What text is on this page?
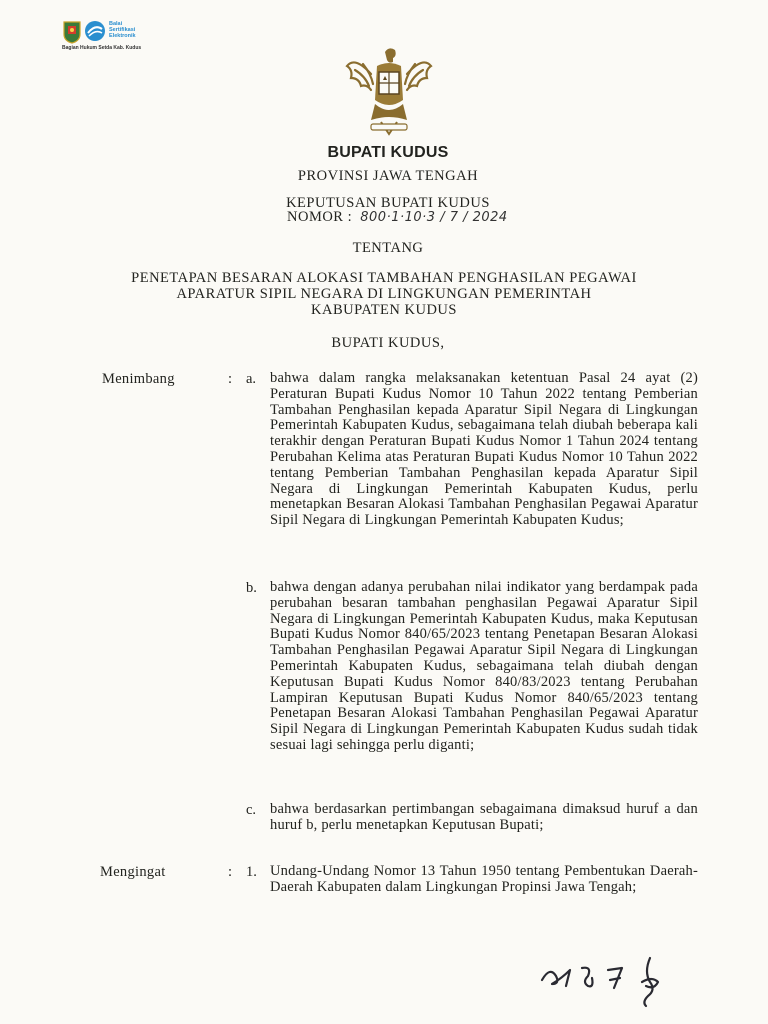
Balai Sertifikasi Elektronik
Bagian Hukum Setda Kab. Kudus
BUPATI KUDUS
PROVINSI JAWA TENGAH
KEPUTUSAN BUPATI KUDUS
NOMOR : 800·1·10·3 / 7 / 2024
TENTANG
PENETAPAN BESARAN ALOKASI TAMBAHAN PENGHASILAN PEGAWAI
APARATUR SIPIL NEGARA DI LINGKUNGAN PEMERINTAH
KABUPATEN KUDUS
BUPATI KUDUS,
Menimbang	: a. bahwa dalam rangka melaksanakan ketentuan Pasal 24 ayat (2) Peraturan Bupati Kudus Nomor 10 Tahun 2022 tentang Pemberian Tambahan Penghasilan kepada Aparatur Sipil Negara di Lingkungan Pemerintah Kabupaten Kudus, sebagaimana telah diubah beberapa kali terakhir dengan Peraturan Bupati Kudus Nomor 1 Tahun 2024 tentang Perubahan Kelima atas Peraturan Bupati Kudus Nomor 10 Tahun 2022 tentang Pemberian Tambahan Penghasilan kepada Aparatur Sipil Negara di Lingkungan Pemerintah Kabupaten Kudus, perlu menetapkan Besaran Alokasi Tambahan Penghasilan Pegawai Aparatur Sipil Negara di Lingkungan Pemerintah Kabupaten Kudus;
b. bahwa dengan adanya perubahan nilai indikator yang berdampak pada perubahan besaran tambahan penghasilan Pegawai Aparatur Sipil Negara di Lingkungan Pemerintah Kabupaten Kudus, maka Keputusan Bupati Kudus Nomor 840/65/2023 tentang Penetapan Besaran Alokasi Tambahan Penghasilan Pegawai Aparatur Sipil Negara di Lingkungan Pemerintah Kabupaten Kudus, sebagaimana telah diubah dengan Keputusan Bupati Kudus Nomor 840/83/2023 tentang Perubahan Lampiran Keputusan Bupati Kudus Nomor 840/65/2023 tentang Penetapan Besaran Alokasi Tambahan Penghasilan Pegawai Aparatur Sipil Negara di Lingkungan Pemerintah Kabupaten Kudus sudah tidak sesuai lagi sehingga perlu diganti;
c. bahwa berdasarkan pertimbangan sebagaimana dimaksud huruf a dan huruf b, perlu menetapkan Keputusan Bupati;
Mengingat	: 1. Undang-Undang Nomor 13 Tahun 1950 tentang Pembentukan Daerah-Daerah Kabupaten dalam Lingkungan Propinsi Jawa Tengah;
